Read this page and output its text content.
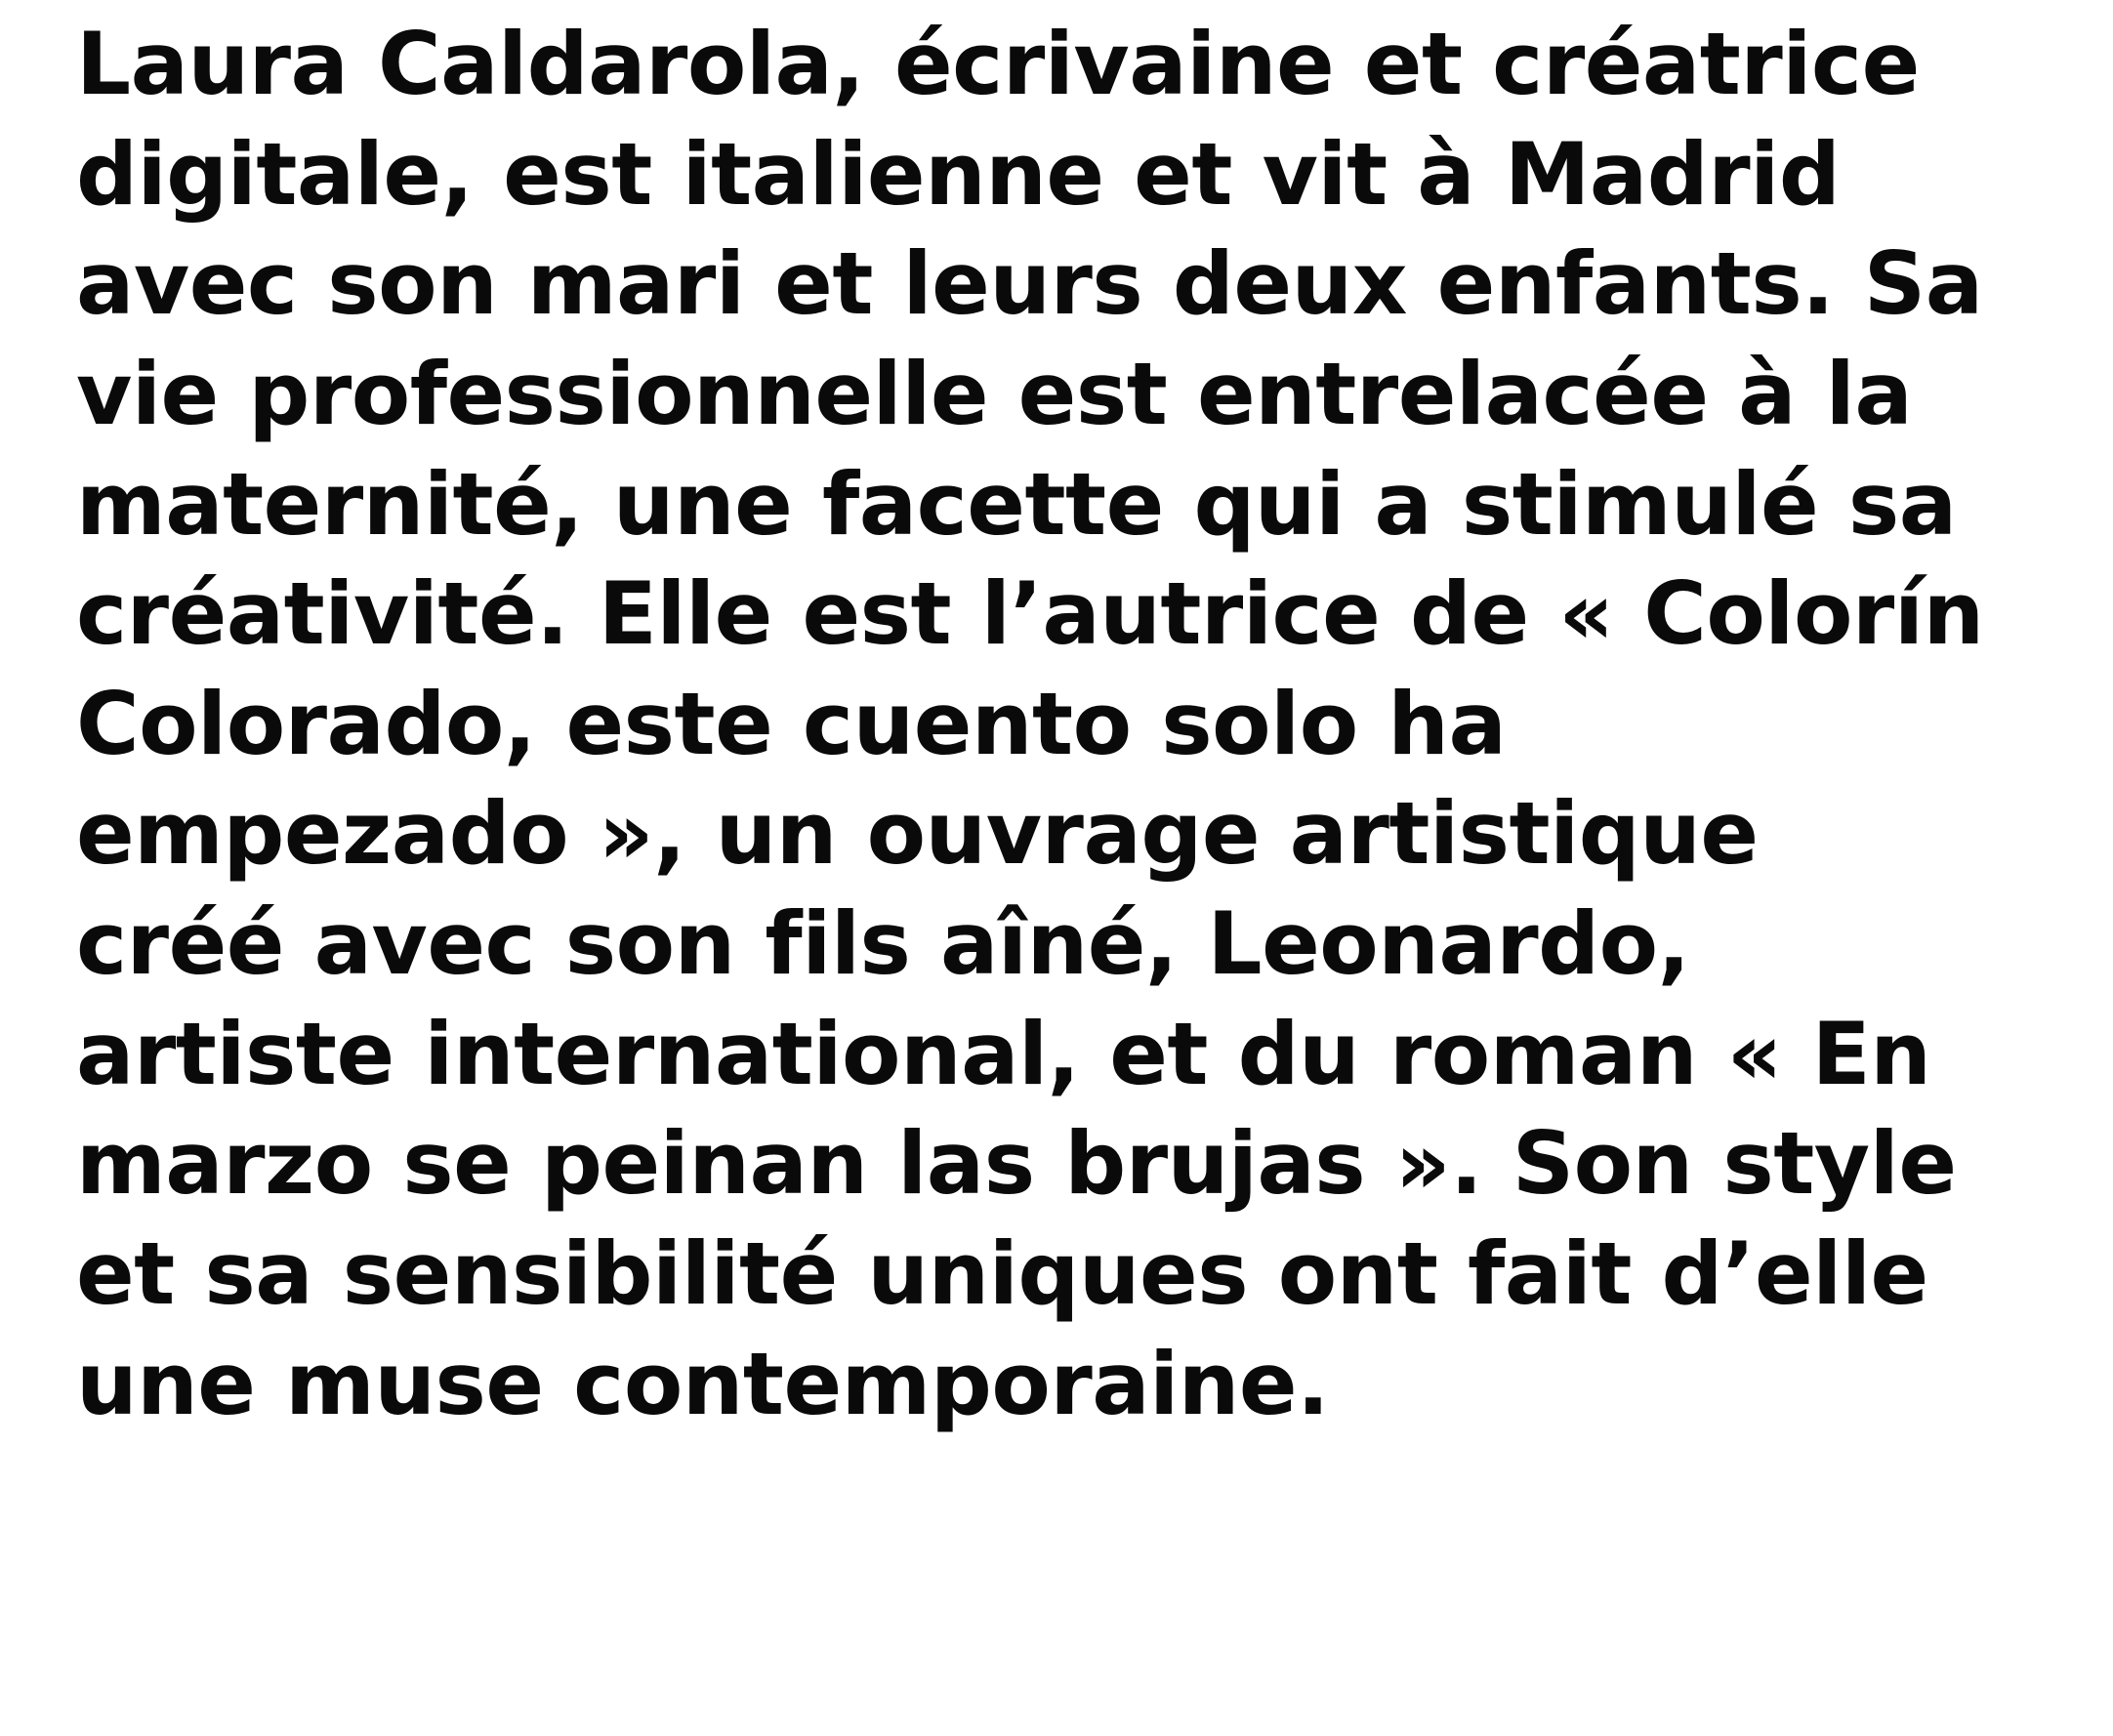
Laura Caldarola, écrivaine et créatrice digitale, est italienne et vit à Madrid avec son mari et leurs deux enfants. Sa vie professionnelle est entrelacée à la maternité, une facette qui a stimulé sa créativité. Elle est l’autrice de « Colorín Colorado, este cuento solo ha empezado », un ouvrage artistique créé avec son fils aîné, Leonardo, artiste international, et du roman « En marzo se peinan las brujas ». Son style et sa sensibilité uniques ont fait d’elle une muse contemporaine.
